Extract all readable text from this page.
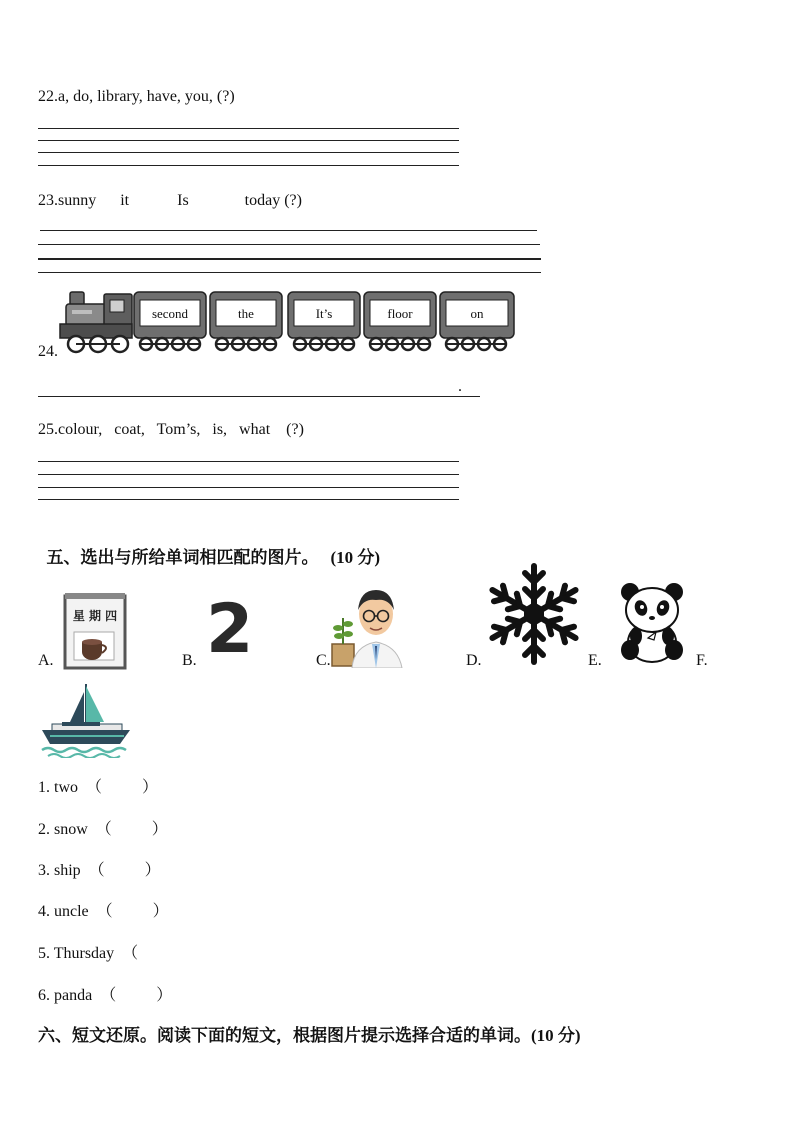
22.a, do, library, have, you, (?)
23.sunny      it            Is              today (?)
24.
second	the	It’s	floor	on
.
25.colour,   coat,   Tom’s,   is,   what    (?)

五、选出与所给单词相匹配的图片。 (10 分)

A.
星 期 四
B. 2	C.	D.	E.	F.
1. two  （          ）
2. snow  （          ）
3. ship  （          ）
4. uncle  （          ）
5. Thursday  （
6. panda  （          ）
六、短文还原。阅读下面的短文，根据图片提示选择合适的单词。(10 分)
